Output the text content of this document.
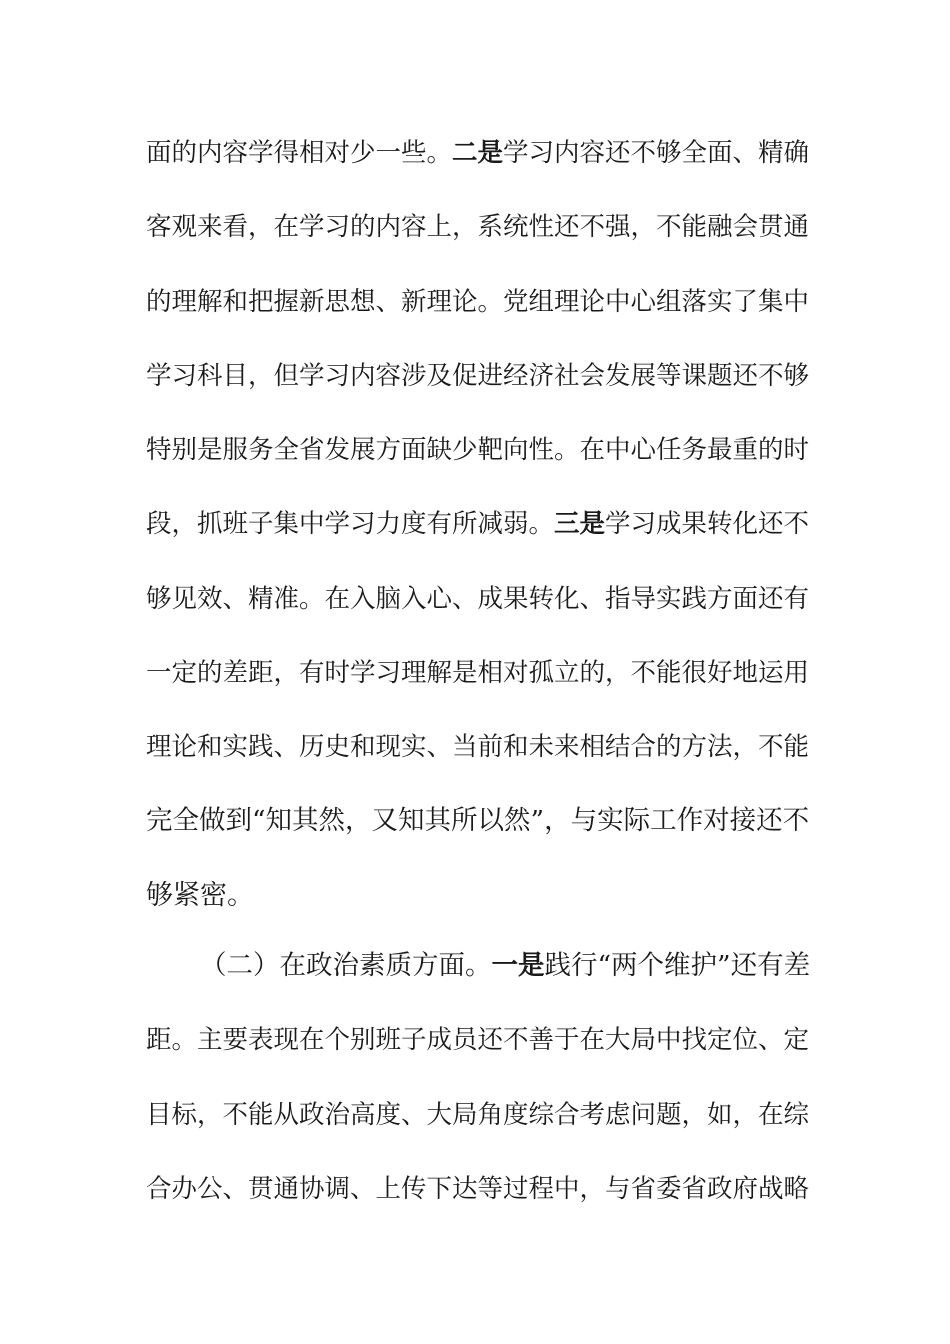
面的内容学得相对少一些。二是学习内容还不够全面、精确
客观来看，在学习的内容上，系统性还不强，不能融会贯通
的理解和把握新思想、新理论。党组理论中心组落实了集中
学习科目，但学习内容涉及促进经济社会发展等课题还不够
特别是服务全省发展方面缺少靶向性。在中心任务最重的时
段，抓班子集中学习力度有所减弱。三是学习成果转化还不
够见效、精准。在入脑入心、成果转化、指导实践方面还有
一定的差距，有时学习理解是相对孤立的，不能很好地运用
理论和实践、历史和现实、当前和未来相结合的方法，不能
完全做到“知其然，又知其所以然”，与实际工作对接还不
够紧密。
（二）在政治素质方面。一是践行“两个维护”还有差
距。主要表现在个别班子成员还不善于在大局中找定位、定
目标，不能从政治高度、大局角度综合考虑问题，如，在综
合办公、贯通协调、上传下达等过程中，与省委省政府战略
